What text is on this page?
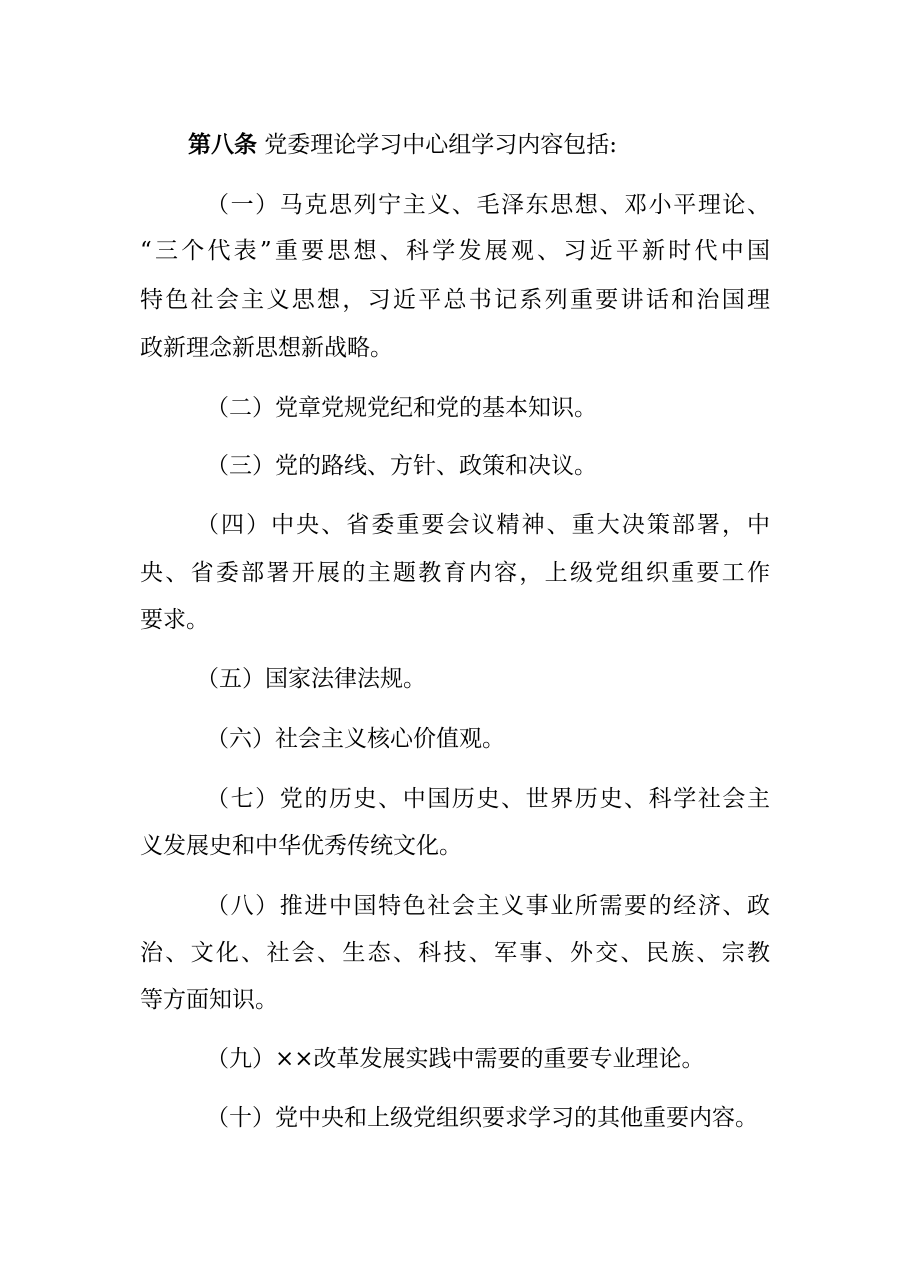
第八条 党委理论学习中心组学习内容包括:
（一）马克思列宁主义、毛泽东思想、邓小平理论、
“三个代表”重要思想、科学发展观、习近平新时代中国
特色社会主义思想，习近平总书记系列重要讲话和治国理
政新理念新思想新战略。
（二）党章党规党纪和党的基本知识。
（三）党的路线、方针、政策和决议。
（四）中央、省委重要会议精神、重大决策部署，中
央、省委部署开展的主题教育内容，上级党组织重要工作
要求。
（五）国家法律法规。
（六）社会主义核心价值观。
（七）党的历史、中国历史、世界历史、科学社会主
义发展史和中华优秀传统文化。
（八）推进中国特色社会主义事业所需要的经济、政
治、文化、社会、生态、科技、军事、外交、民族、宗教
等方面知识。
（九）××改革发展实践中需要的重要专业理论。
（十）党中央和上级党组织要求学习的其他重要内容。
